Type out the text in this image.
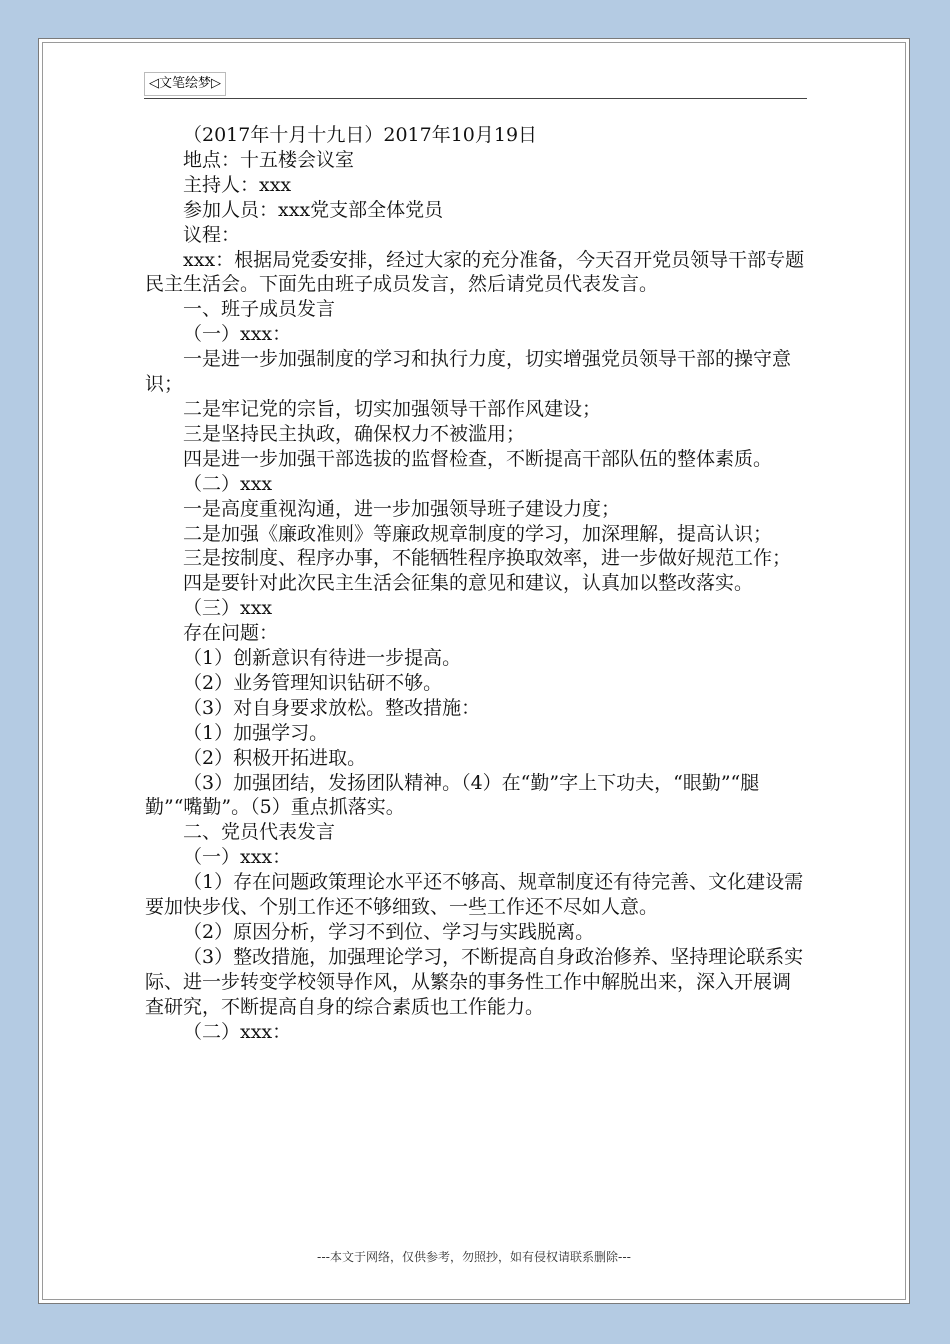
◁文笔绘梦▷

（2017年十月十九日）2017年10月19日

地点：十五楼会议室

主持人：xxx

参加人员：xxx党支部全体党员

议程：

xxx：根据局党委安排，经过大家的充分准备，今天召开党员领导干部专题民主生活会。下面先由班子成员发言，然后请党员代表发言。

一、班子成员发言

（一）xxx：

一是进一步加强制度的学习和执行力度，切实增强党员领导干部的操守意识；

二是牢记党的宗旨，切实加强领导干部作风建设；

三是坚持民主执政，确保权力不被滥用；

四是进一步加强干部选拔的监督检查，不断提高干部队伍的整体素质。

（二）xxx

一是高度重视沟通，进一步加强领导班子建设力度；

二是加强《廉政准则》等廉政规章制度的学习，加深理解，提高认识；

三是按制度、程序办事，不能牺牲程序换取效率，进一步做好规范工作；

四是要针对此次民主生活会征集的意见和建议，认真加以整改落实。

（三）xxx

存在问题：

（1）创新意识有待进一步提高。

（2）业务管理知识钻研不够。

（3）对自身要求放松。整改措施：

（1）加强学习。

（2）积极开拓进取。

（3）加强团结，发扬团队精神。（4）在“勤”字上下功夫，“眼勤”“腿勤”“嘴勤”。（5）重点抓落实。

二、党员代表发言

（一）xxx：

（1）存在问题政策理论水平还不够高、规章制度还有待完善、文化建设需要加快步伐、个别工作还不够细致、一些工作还不尽如人意。

（2）原因分析，学习不到位、学习与实践脱离。

（3）整改措施，加强理论学习，不断提高自身政治修养、坚持理论联系实际、进一步转变学校领导作风，从繁杂的事务性工作中解脱出来，深入开展调查研究，不断提高自身的综合素质也工作能力。

（二）xxx：

---本文于网络，仅供参考，勿照抄，如有侵权请联系删除---
